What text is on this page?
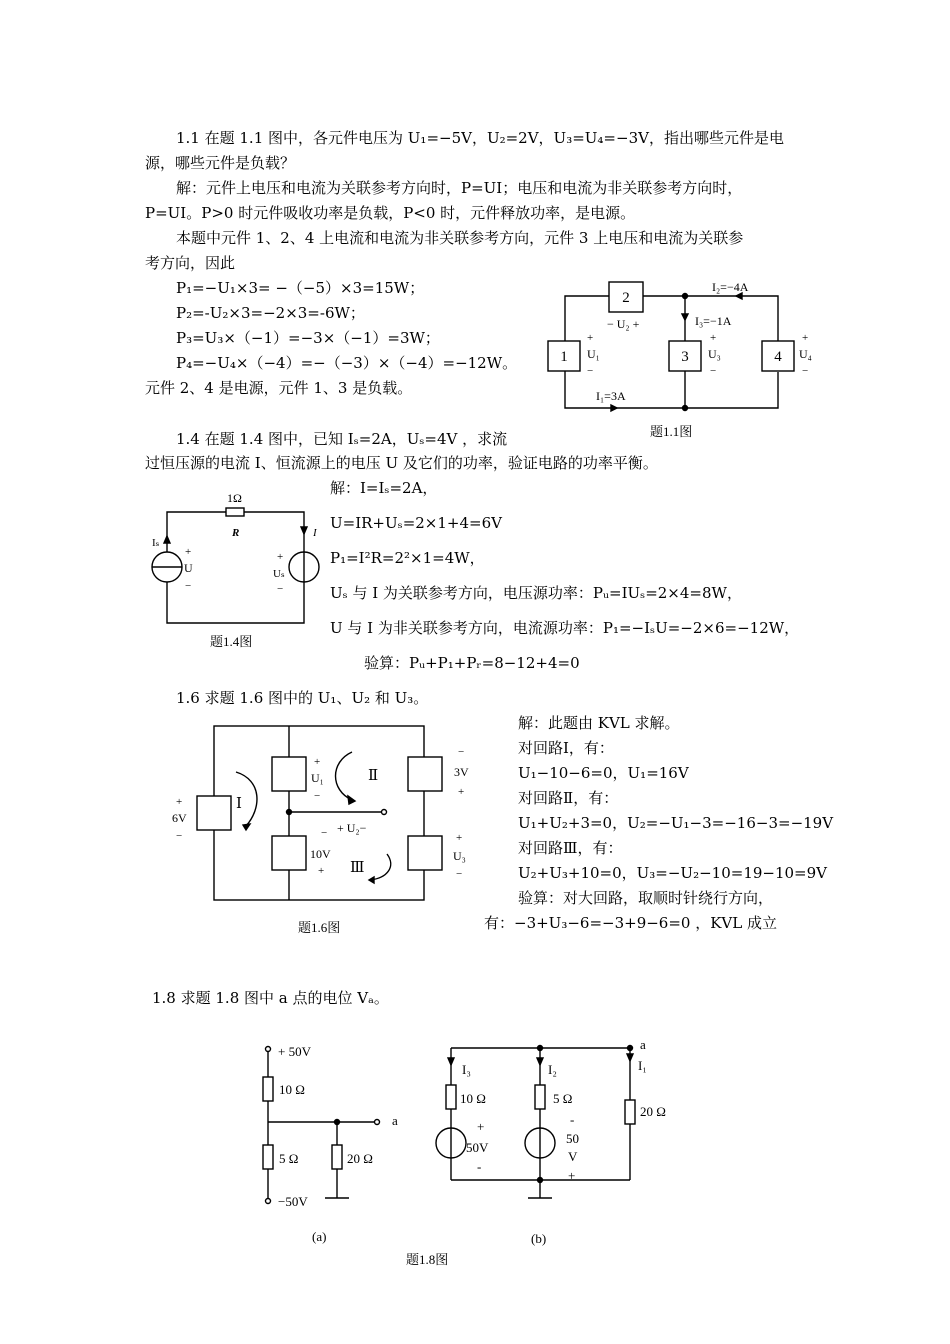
1.1 在题 1.1 图中，各元件电压为 U₁=−5V，U₂=2V，U₃=U₄=−3V，指出哪些元件是电
源，哪些元件是负载？
解：元件上电压和电流为关联参考方向时，P=UI；电压和电流为非关联参考方向时，
P=UI。P>0 时元件吸收功率是负载，P<0 时，元件释放功率，是电源。
本题中元件 1、2、4 上电流和电流为非关联参考方向，元件 3 上电压和电流为关联参
考方向，因此
P₁=−U₁×3= −（−5）×3=15W；
P₂=-U₂×3=−2×3=-6W；
P₃=U₃×（−1）=−3×（−1）=3W；
P₄=−U₄×（−4）=−（−3）×（−4）=−12W。
元件 2、4 是电源，元件 1、3 是负载。
1.4 在题 1.4 图中，已知 Iₛ=2A，Uₛ=4V ，求流
过恒压源的电流 I、恒流源上的电压 U 及它们的功率，验证电路的功率平衡。
解：I=Iₛ=2A，
U=IR+Uₛ=2×1+4=6V
P₁=I²R=2²×1=4W，
Uₛ 与 I 为关联参考方向，电压源功率：Pᵤ=IUₛ=2×4=8W，
U 与 I 为非关联参考方向，电流源功率：P₁=−IₛU=−2×6=−12W，
验算：Pᵤ+P₁+Pᵣ=8−12+4=0
1.6 求题 1.6 图中的 U₁、U₂ 和 U₃。
解：此题由 KVL 求解。
对回路Ⅰ，有：
U₁−10−6=0，U₁=16V
对回路Ⅱ，有：
U₁+U₂+3=0，U₂=−U₁−3=−16−3=−19V
对回路Ⅲ，有：
U₂+U₃+10=0，U₃=−U₂−10=19−10=9V
验算：对大回路，取顺时针绕行方向，
有：−3+U₃−6=−3+9−6=0 ，KVL 成立
1.8 求题 1.8 图中 a 点的电位 Vₐ。
2
1	3	4
I₂=−4A
I₃=−1A
I₁=3A
− U₂ +
+
U₁
−
+
U₃
−
+
U₄
−
题1.1图
1Ω
R
Iₛ
+
U
−
+
Uₛ
−
I
题1.4图
+
6V
−
Ⅰ
+
U₁
−
Ⅱ
−
3V
+
− + U₂−
10V
+ Ⅲ
+
U₃
−
题1.6图
+ 50V
10 Ω
5 Ω	20 Ω
a
−50V
(a)
I₃	I₂	I₁
a
10 Ω	5 Ω
20 Ω
+
50V
-
-
50
V
+
(b)
题1.8图
